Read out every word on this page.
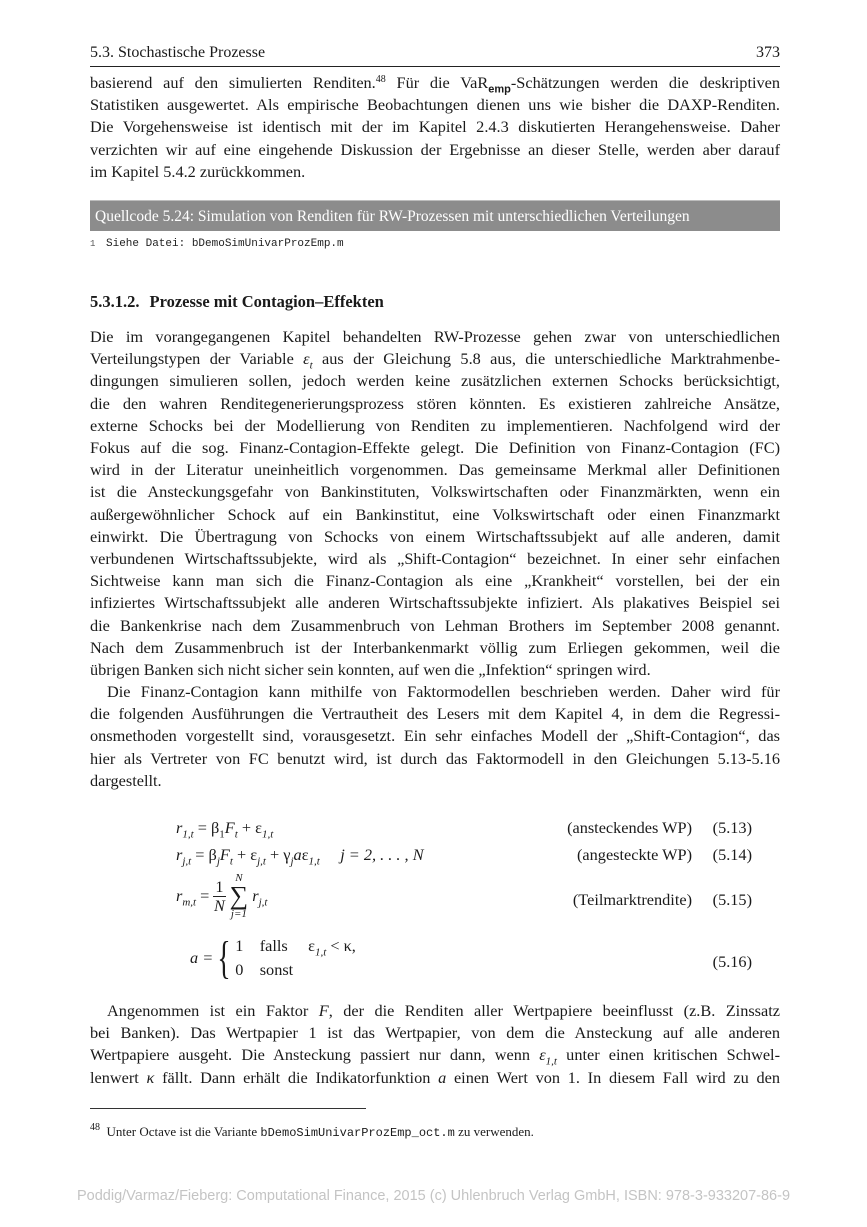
5.3. Stochastische Prozesse	373
basierend auf den simulierten Renditen.$^{48}$ Für die VaR$_{emp}$-Schätzungen werden die deskriptiven
Statistiken ausgewertet. Als empirische Beobachtungen dienen uns wie bisher die DAXP-Renditen.
Die Vorgehensweise ist identisch mit der im Kapitel 2.4.3 diskutierten Herangehensweise. Daher
verzichten wir auf eine eingehende Diskussion der Ergebnisse an dieser Stelle, werden aber darauf
im Kapitel 5.4.2 zurückkommen.
Quellcode 5.24: Simulation von Renditen für RW-Prozessen mit unterschiedlichen Verteilungen
1 Siehe Datei: bDemoSimUnivarProzEmp.m
5.3.1.2. Prozesse mit Contagion–Effekten
Die im vorangegangenen Kapitel behandelten RW-Prozesse gehen zwar von unterschiedlichen
Verteilungstypen der Variable $\varepsilon_t$ aus der Gleichung 5.8 aus, die unterschiedliche Marktrahmenbe-
dingungen simulieren sollen, jedoch werden keine zusätzlichen externen Schocks berücksichtigt,
die den wahren Renditegenerierungsprozess stören könnten. Es existieren zahlreiche Ansätze,
externe Schocks bei der Modellierung von Renditen zu implementieren. Nachfolgend wird der
Fokus auf die sog. Finanz-Contagion-Effekte gelegt. Die Definition von Finanz-Contagion (FC)
wird in der Literatur uneinheitlich vorgenommen. Das gemeinsame Merkmal aller Definitionen
ist die Ansteckungsgefahr von Bankinstituten, Volkswirtschaften oder Finanzmärkten, wenn ein
außergewöhnlicher Schock auf ein Bankinstitut, eine Volkswirtschaft oder einen Finanzmarkt
einwirkt. Die Übertragung von Schocks von einem Wirtschaftssubjekt auf alle anderen, damit
verbundenen Wirtschaftssubjekte, wird als „Shift-Contagion“ bezeichnet. In einer sehr einfachen
Sichtweise kann man sich die Finanz-Contagion als eine „Krankheit“ vorstellen, bei der ein
infiziertes Wirtschaftssubjekt alle anderen Wirtschaftssubjekte infiziert. Als plakatives Beispiel sei
die Bankenkrise nach dem Zusammenbruch von Lehman Brothers im September 2008 genannt.
Nach dem Zusammenbruch ist der Interbankenmarkt völlig zum Erliegen gekommen, weil die
übrigen Banken sich nicht sicher sein konnten, auf wen die „Infektion“ springen wird.
Die Finanz-Contagion kann mithilfe von Faktormodellen beschrieben werden. Daher wird für
die folgenden Ausführungen die Vertrautheit des Lesers mit dem Kapitel 4, in dem die Regressi-
onsmethoden vorgestellt sind, vorausgesetzt. Ein sehr einfaches Modell der „Shift-Contagion“, das
hier als Vertreter von FC benutzt wird, ist durch das Faktormodell in den Gleichungen 5.13-5.16
dargestellt.
$r_{1,t} = \beta_1F_t + \varepsilon_{1,t}$	(ansteckendes WP) (5.13)
$r_{j,t} = \beta_jF_t + \varepsilon_{j,t} + \gamma_ja\varepsilon_{1,t}$ j = 2, . . . , N	(angesteckte WP) (5.14)
$r_{m,t} = \frac{1}{N}$
N
∑
j=1
$r_{j,t}$	(Teilmarktrendite) (5.15)
a ={ 1 falls $\varepsilon_{1,t} < \kappa$,
0 sonst	(5.16)
Angenommen ist ein Faktor F, der die Renditen aller Wertpapiere beeinflusst (z.B. Zinssatz
bei Banken). Das Wertpapier 1 ist das Wertpapier, von dem die Ansteckung auf alle anderen
Wertpapiere ausgeht. Die Ansteckung passiert nur dann, wenn $\varepsilon_{1,t}$ unter einen kritischen Schwel-
lenwert κ fällt. Dann erhält die Indikatorfunktion a einen Wert von 1. In diesem Fall wird zu den
$^{48}$ Unter Octave ist die Variante bDemoSimUnivarProzEmp_oct.m zu verwenden.
Poddig/Varmaz/Fieberg: Computational Finance, 2015 (c) Uhlenbruch Verlag GmbH, ISBN: 978-3-933207-86-9
